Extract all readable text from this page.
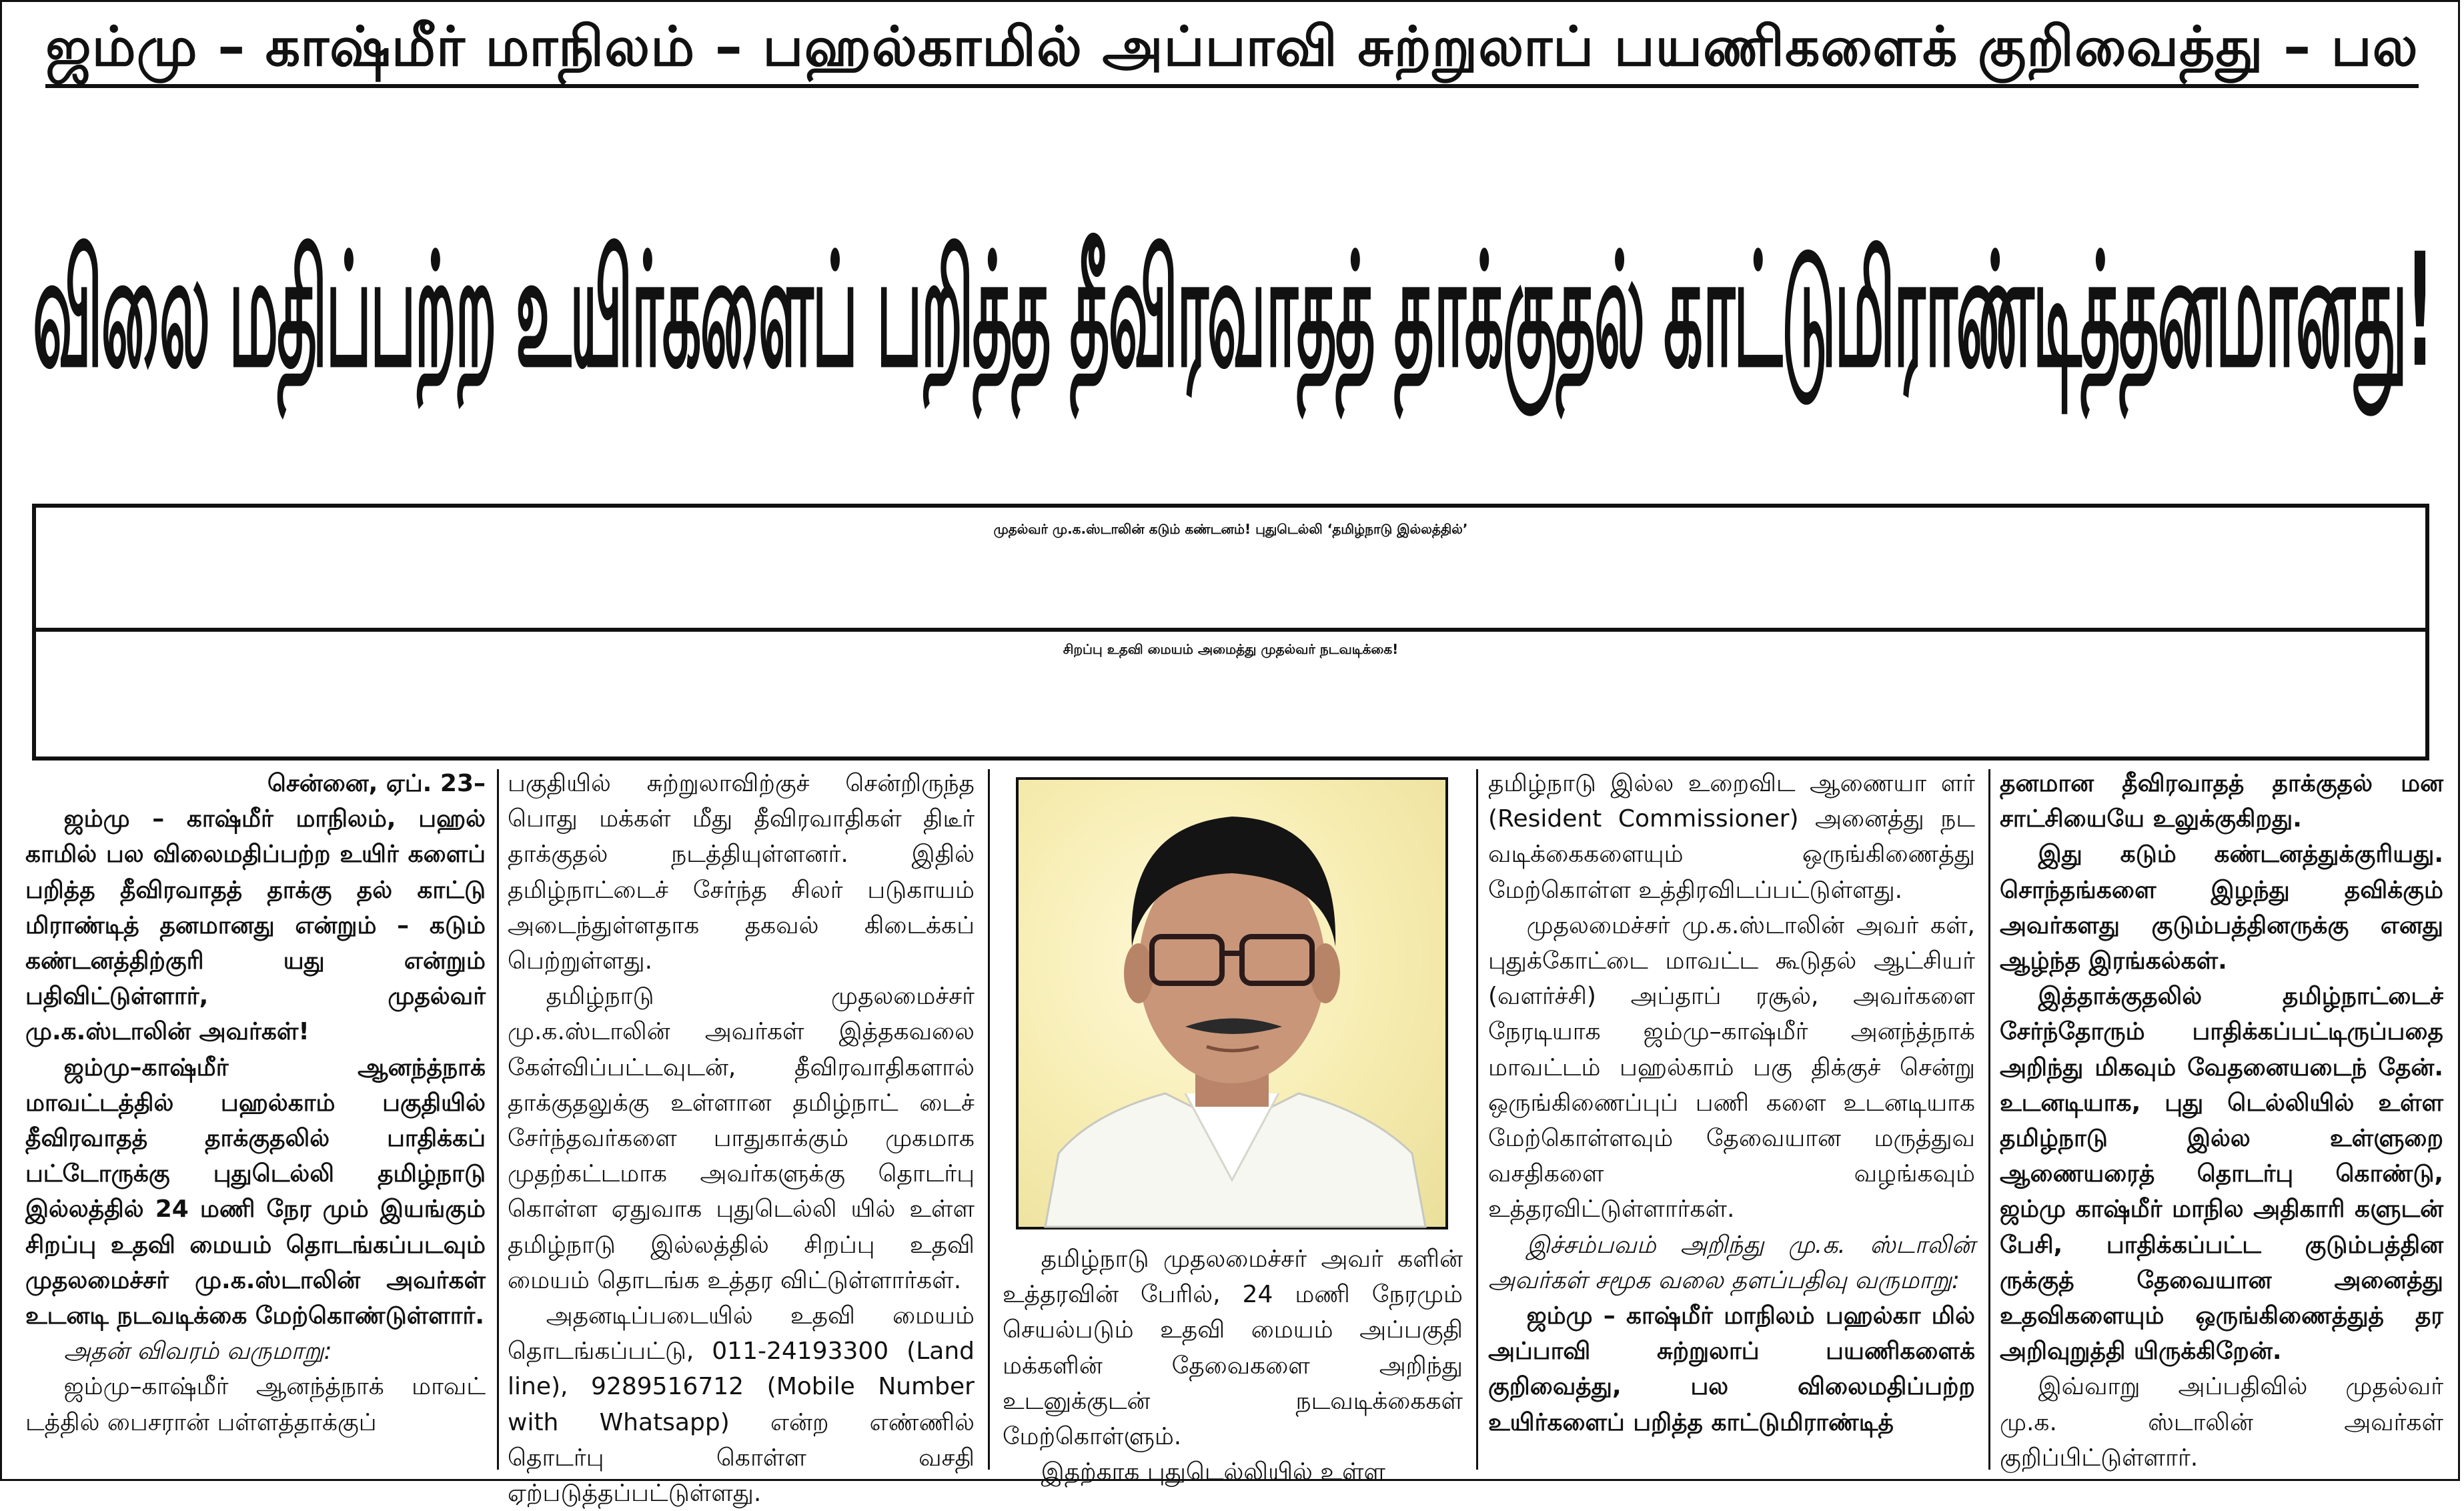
ஜம்மு – காஷ்மீர் மாநிலம் – பஹல்காமில் அப்பாவி சுற்றுலாப் பயணிகளைக் குறிவைத்து – பல
விலை மதிப்பற்ற உயிர்களைப் பறித்த தீவிரவாதத் தாக்குதல் காட்டுமிராண்டித்தனமானது!
முதல்வர் மு.க.ஸ்டாலின் கடும் கண்டனம்! புதுடெல்லி ‘தமிழ்நாடு இல்லத்தில்’
சிறப்பு உதவி மையம் அமைத்து முதல்வர் நடவடிக்கை!

சென்னை, ஏப். 23–

ஜம்மு – காஷ்மீர் மாநிலம், பஹல் காமில் பல விலைமதிப்பற்ற உயிர் களைப் பறித்த தீவிரவாதத் தாக்கு தல் காட்டு மிராண்டித் தனமானது என்றும் – கடும் கண்டனத்திற்குரி யது என்றும் பதிவிட்டுள்ளார், முதல்வர் மு.க.ஸ்டாலின் அவர்கள்!

ஜம்மு–காஷ்மீர் ஆனந்த்நாக் மாவட்டத்தில் பஹல்காம் பகுதியில் தீவிரவாதத் தாக்குதலில் பாதிக்கப் பட்டோருக்கு புதுடெல்லி தமிழ்நாடு இல்லத்தில் 24 மணி நேர மும் இயங்கும் சிறப்பு உதவி மையம் தொடங்கப்படவும் முதலமைச்சர் மு.க.ஸ்டாலின் அவர்கள் உடனடி நடவடிக்கை மேற்கொண்டுள்ளார்.

அதன் விவரம் வருமாறு:

ஜம்மு–காஷ்மீர் ஆனந்த்நாக் மாவட் டத்தில் பைசரான் பள்ளத்தாக்குப்

பகுதியில் சுற்றுலாவிற்குச் சென்றிருந்த பொது மக்கள் மீது தீவிரவாதிகள் திடீர் தாக்குதல் நடத்தியுள்ளனர். இதில் தமிழ்நாட்டைச் சேர்ந்த சிலர் படுகாயம் அடைந்துள்ளதாக தகவல் கிடைக்கப் பெற்றுள்ளது.

தமிழ்நாடு முதலமைச்சர் மு.க.ஸ்டாலின் அவர்கள் இத்தகவலை கேள்விப்பட்டவுடன், தீவிரவாதிகளால் தாக்குதலுக்கு உள்ளான தமிழ்நாட் டைச் சேர்ந்தவர்களை பாதுகாக்கும் முகமாக முதற்கட்டமாக அவர்களுக்கு தொடர்பு கொள்ள ஏதுவாக புதுடெல்லி யில் உள்ள தமிழ்நாடு இல்லத்தில் சிறப்பு உதவி மையம் தொடங்க உத்தர விட்டுள்ளார்கள்.

அதனடிப்படையில் உதவி மையம் தொடங்கப்பட்டு, 011-24193300 (Land line), 9289516712 (Mobile Number with Whatsapp) என்ற எண்ணில் தொடர்பு கொள்ள வசதி ஏற்படுத்தப்பட்டுள்ளது.

தமிழ்நாடு முதலமைச்சர் அவர் களின் உத்தரவின் பேரில், 24 மணி நேரமும் செயல்படும் உதவி மையம் அப்பகுதி மக்களின் தேவைகளை அறிந்து உடனுக்குடன் நடவடிக்கைகள் மேற்கொள்ளும்.

இதற்காக புதுடெல்லியில் உள்ள

தமிழ்நாடு இல்ல உறைவிட ஆணையா ளர் (Resident Commissioner) அனைத்து நட வடிக்கைகளையும் ஒருங்கிணைத்து மேற்கொள்ள உத்திரவிடப்பட்டுள்ளது.

முதலமைச்சர் மு.க.ஸ்டாலின் அவர் கள், புதுக்கோட்டை மாவட்ட கூடுதல் ஆட்சியர் (வளர்ச்சி) அப்தாப் ரசூல், அவர்களை நேரடியாக ஜம்மு–காஷ்மீர் அனந்த்நாக் மாவட்டம் பஹல்காம் பகு திக்குச் சென்று ஒருங்கிணைப்புப் பணி களை உடனடியாக மேற்கொள்ளவும் தேவையான மருத்துவ வசதிகளை வழங்கவும் உத்தரவிட்டுள்ளார்கள்.

இச்சம்பவம் அறிந்து மு.க. ஸ்டாலின் அவர்கள் சமூக வலை தளப்பதிவு வருமாறு:

ஜம்மு – காஷ்மீர் மாநிலம் பஹல்கா மில் அப்பாவி சுற்றுலாப் பயணிகளைக் குறிவைத்து, பல விலைமதிப்பற்ற உயிர்களைப் பறித்த காட்டுமிராண்டித்

தனமான தீவிரவாதத் தாக்குதல் மன சாட்சியையே உலுக்குகிறது.

இது கடும் கண்டனத்துக்குரியது. சொந்தங்களை இழந்து தவிக்கும் அவர்களது குடும்பத்தினருக்கு எனது ஆழ்ந்த இரங்கல்கள்.

இத்தாக்குதலில் தமிழ்நாட்டைச் சேர்ந்தோரும் பாதிக்கப்பட்டிருப்பதை அறிந்து மிகவும் வேதனையடைந் தேன். உடனடியாக, புது டெல்லியில் உள்ள தமிழ்நாடு இல்ல உள்ளுறை ஆணையரைத் தொடர்பு கொண்டு, ஜம்மு காஷ்மீர் மாநில அதிகாரி களுடன் பேசி, பாதிக்கப்பட்ட குடும்பத்தின ருக்குத் தேவையான அனைத்து உதவிகளையும் ஒருங்கிணைத்துத் தர அறிவுறுத்தி யிருக்கிறேன்.

இவ்வாறு அப்பதிவில் முதல்வர் மு.க. ஸ்டாலின் அவர்கள் குறிப்பிட்டுள்ளார்.
